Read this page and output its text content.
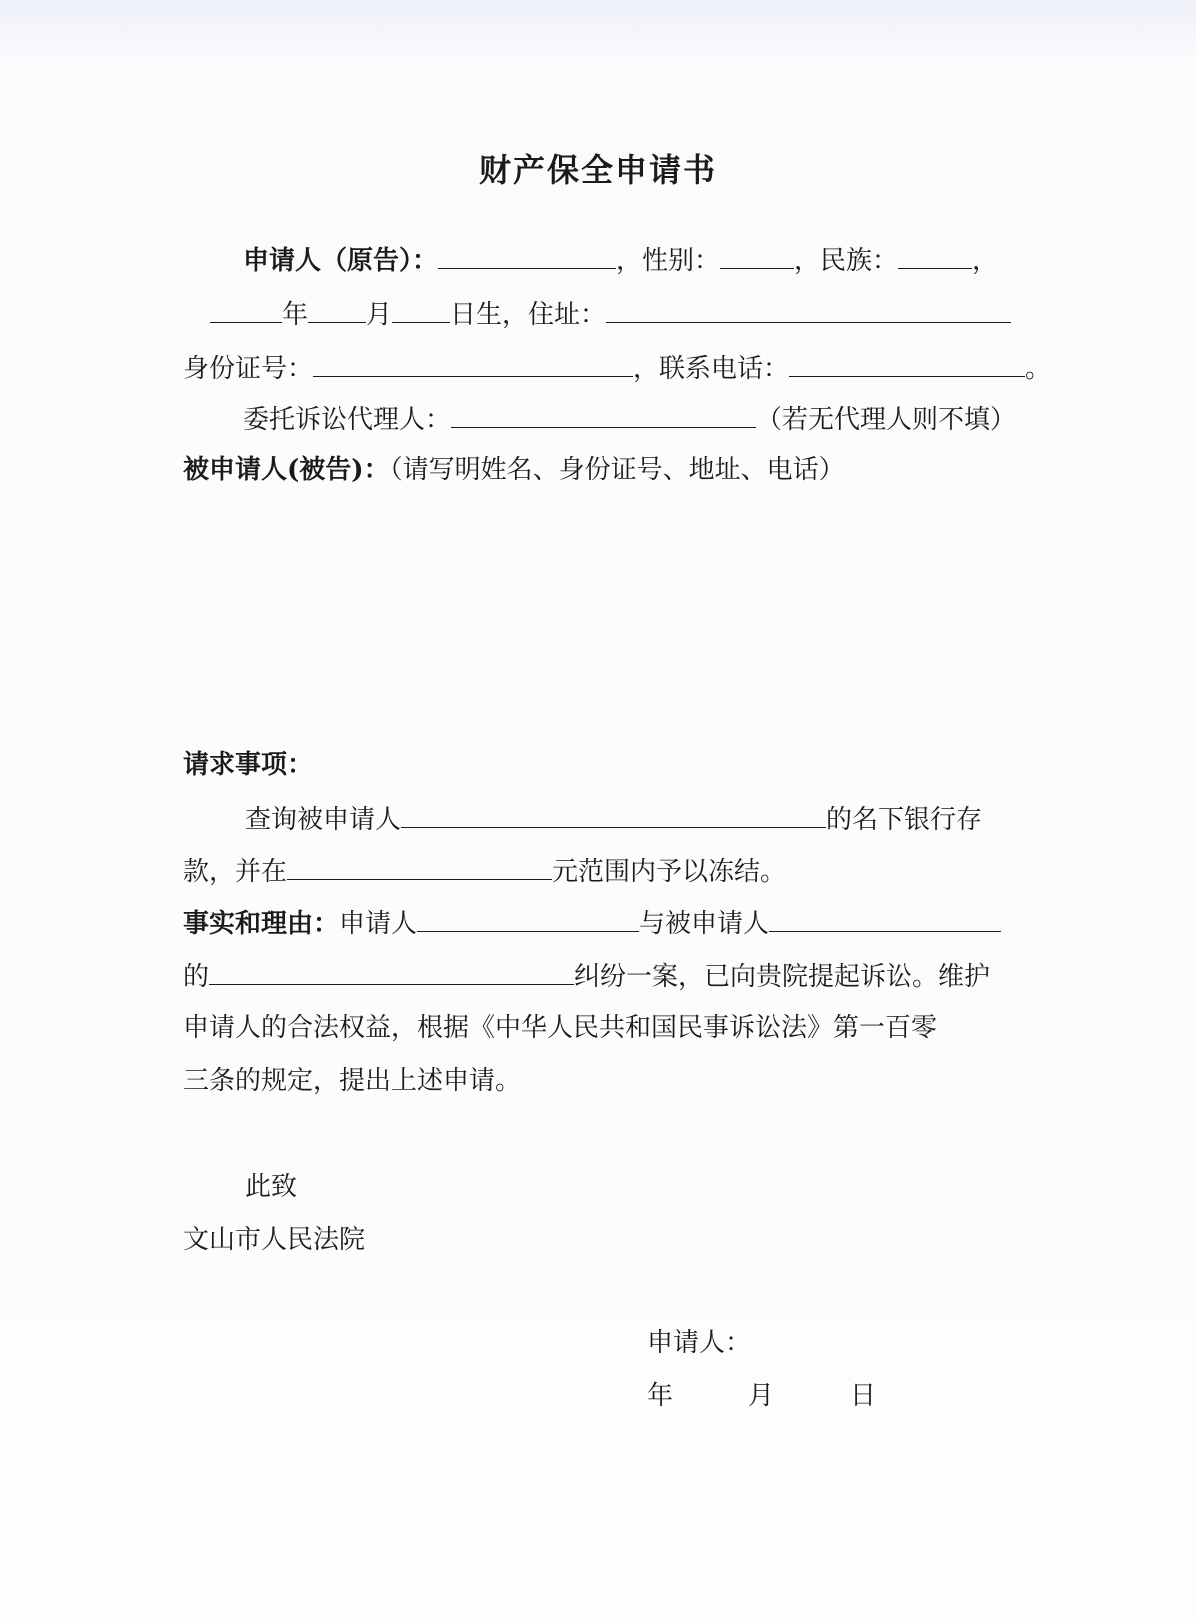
财产保全申请书
申请人（原告）：	，性别：	，民族：	，
年 月 日生，住址：
身份证号：	，联系电话：	。
委托诉讼代理人：	（若无代理人则不填）
被申请人(被告)：（请写明姓名、身份证号、地址、电话）
请求事项：
查询被申请人	的名下银行存
款，并在	元范围内予以冻结。
事实和理由：申请人	与被申请人
的	纠纷一案，已向贵院提起诉讼。维护
申请人的合法权益，根据《中华人民共和国民事诉讼法》第一百零
三条的规定，提出上述申请。
此致
文山市人民法院
申请人：
年	月	日
